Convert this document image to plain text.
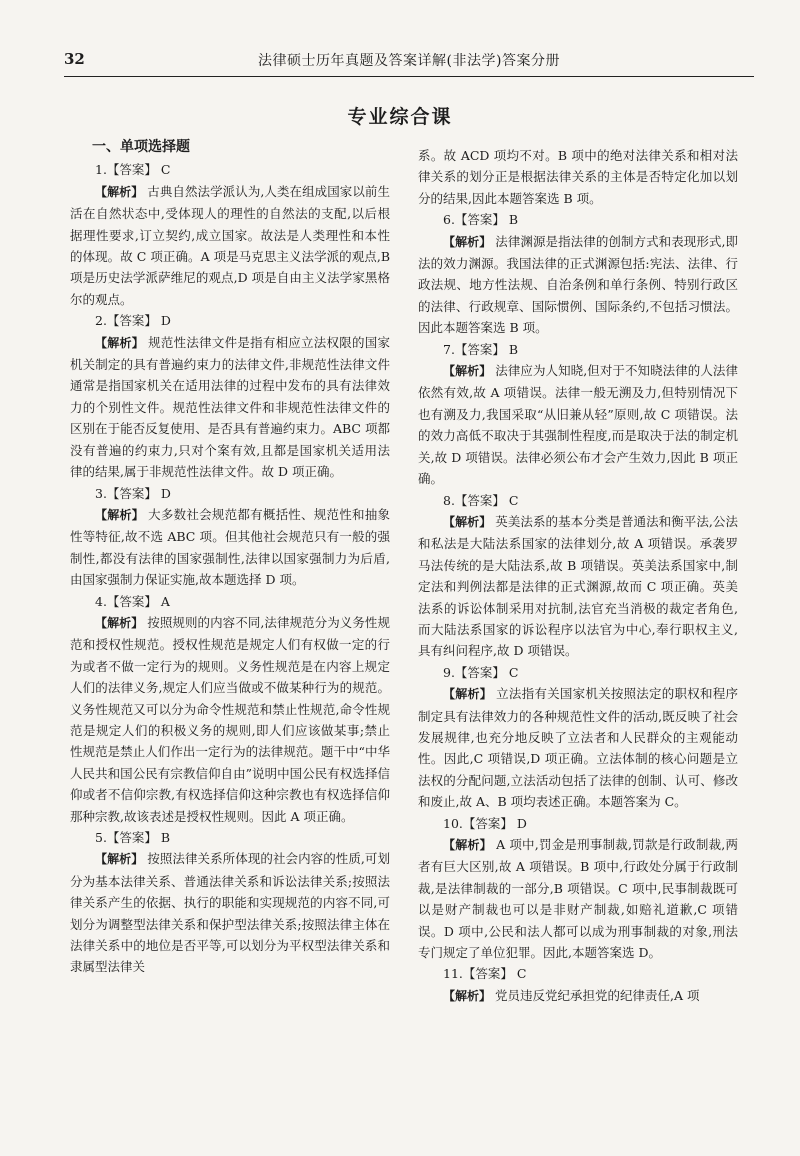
32	法律硕士历年真题及答案详解(非法学)答案分册
专业综合课
一、单项选择题

1.【答案】 C

【解析】 古典自然法学派认为,人类在组成国家以前生活在自然状态中,受体现人的理性的自然法的支配,以后根据理性要求,订立契约,成立国家。故法是人类理性和本性的体现。故 C 项正确。A 项是马克思主义法学派的观点,B 项是历史法学派萨维尼的观点,D 项是自由主义法学家黑格尔的观点。

2.【答案】 D

【解析】 规范性法律文件是指有相应立法权限的国家机关制定的具有普遍约束力的法律文件,非规范性法律文件通常是指国家机关在适用法律的过程中发布的具有法律效力的个别性文件。规范性法律文件和非规范性法律文件的区别在于能否反复使用、是否具有普遍约束力。ABC 项都没有普遍的约束力,只对个案有效,且都是国家机关适用法律的结果,属于非规范性法律文件。故 D 项正确。

3.【答案】 D

【解析】 大多数社会规范都有概括性、规范性和抽象性等特征,故不选 ABC 项。但其他社会规范只有一般的强制性,都没有法律的国家强制性,法律以国家强制力为后盾,由国家强制力保证实施,故本题选择 D 项。

4.【答案】 A

【解析】 按照规则的内容不同,法律规范分为义务性规范和授权性规范。授权性规范是规定人们有权做一定的行为或者不做一定行为的规则。义务性规范是在内容上规定人们的法律义务,规定人们应当做或不做某种行为的规范。义务性规范又可以分为命令性规范和禁止性规范,命令性规范是规定人们的积极义务的规则,即人们应该做某事;禁止性规范是禁止人们作出一定行为的法律规范。题干中“中华人民共和国公民有宗教信仰自由”说明中国公民有权选择信仰或者不信仰宗教,有权选择信仰这种宗教也有权选择信仰那种宗教,故该表述是授权性规则。因此 A 项正确。

5.【答案】 B

【解析】 按照法律关系所体现的社会内容的性质,可划分为基本法律关系、普通法律关系和诉讼法律关系;按照法律关系产生的依据、执行的职能和实现规范的内容不同,可划分为调整型法律关系和保护型法律关系;按照法律主体在法律关系中的地位是否平等,可以划分为平权型法律关系和隶属型法律关

系。故 ACD 项均不对。B 项中的绝对法律关系和相对法律关系的划分正是根据法律关系的主体是否特定化加以划分的结果,因此本题答案选 B 项。

6.【答案】 B

【解析】 法律渊源是指法律的创制方式和表现形式,即法的效力渊源。我国法律的正式渊源包括:宪法、法律、行政法规、地方性法规、自治条例和单行条例、特别行政区的法律、行政规章、国际惯例、国际条约,不包括习惯法。因此本题答案选 B 项。

7.【答案】 B

【解析】 法律应为人知晓,但对于不知晓法律的人法律依然有效,故 A 项错误。法律一般无溯及力,但特别情况下也有溯及力,我国采取“从旧兼从轻”原则,故 C 项错误。法的效力高低不取决于其强制性程度,而是取决于法的制定机关,故 D 项错误。法律必须公布才会产生效力,因此 B 项正确。

8.【答案】 C

【解析】 英美法系的基本分类是普通法和衡平法,公法和私法是大陆法系国家的法律划分,故 A 项错误。承袭罗马法传统的是大陆法系,故 B 项错误。英美法系国家中,制定法和判例法都是法律的正式渊源,故而 C 项正确。英美法系的诉讼体制采用对抗制,法官充当消极的裁定者角色,而大陆法系国家的诉讼程序以法官为中心,奉行职权主义,具有纠问程序,故 D 项错误。

9.【答案】 C

【解析】 立法指有关国家机关按照法定的职权和程序制定具有法律效力的各种规范性文件的活动,既反映了社会发展规律,也充分地反映了立法者和人民群众的主观能动性。因此,C 项错误,D 项正确。立法体制的核心问题是立法权的分配问题,立法活动包括了法律的创制、认可、修改和废止,故 A、B 项均表述正确。本题答案为 C。

10.【答案】 D

【解析】 A 项中,罚金是刑事制裁,罚款是行政制裁,两者有巨大区别,故 A 项错误。B 项中,行政处分属于行政制裁,是法律制裁的一部分,B 项错误。C 项中,民事制裁既可以是财产制裁也可以是非财产制裁,如赔礼道歉,C 项错误。D 项中,公民和法人都可以成为刑事制裁的对象,刑法专门规定了单位犯罪。因此,本题答案选 D。

11.【答案】 C

【解析】 党员违反党纪承担党的纪律责任,A 项
